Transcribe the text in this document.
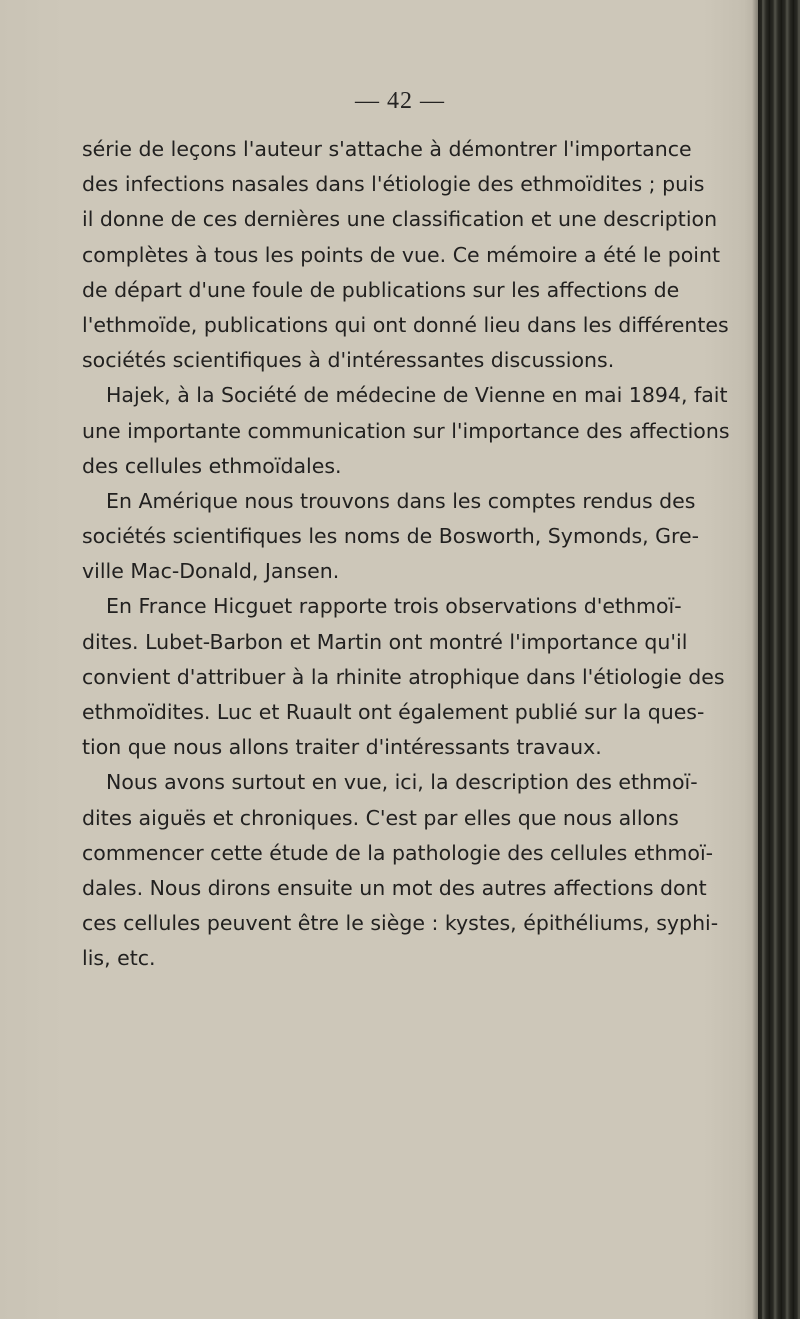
— 42 —
série de leçons l'auteur s'attache à démontrer l'importance
des infections nasales dans l'étiologie des ethmoïdites ; puis
il donne de ces dernières une classification et une description
complètes à tous les points de vue. Ce mémoire a été le point
de départ d'une foule de publications sur les affections de
l'ethmoïde, publications qui ont donné lieu dans les différentes
sociétés scientifiques à d'intéressantes discussions.
Hajek, à la Société de médecine de Vienne en mai 1894, fait
une importante communication sur l'importance des affections
des cellules ethmoïdales.
En Amérique nous trouvons dans les comptes rendus des
sociétés scientifiques les noms de Bosworth, Symonds, Gre-
ville Mac-Donald, Jansen.
En France Hicguet rapporte trois observations d'ethmoï-
dites. Lubet-Barbon et Martin ont montré l'importance qu'il
convient d'attribuer à la rhinite atrophique dans l'étiologie des
ethmoïdites. Luc et Ruault ont également publié sur la ques-
tion que nous allons traiter d'intéressants travaux.
Nous avons surtout en vue, ici, la description des ethmoï-
dites aiguës et chroniques. C'est par elles que nous allons
commencer cette étude de la pathologie des cellules ethmoï-
dales. Nous dirons ensuite un mot des autres affections dont
ces cellules peuvent être le siège : kystes, épithéliums, syphi-
lis, etc.
